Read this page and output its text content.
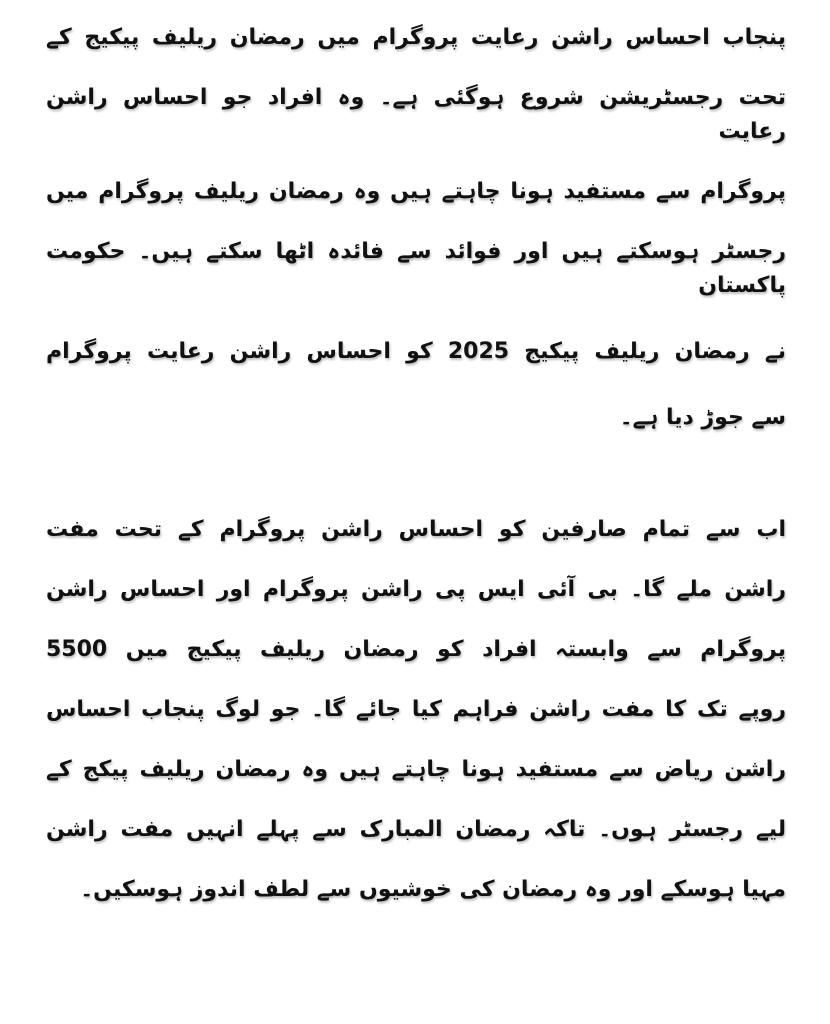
پنجاب احساس راشن رعایت پروگرام میں رمضان ریلیف پیکیج کے
تحت رجسٹریشن شروع ہوگئی ہے۔ وہ افراد جو احساس راشن رعایت
پروگرام سے مستفید ہونا چاہتے ہیں وہ رمضان ریلیف پروگرام میں
رجسٹر ہوسکتے ہیں اور فوائد سے فائدہ اٹھا سکتے ہیں۔ حکومت پاکستان
نے رمضان ریلیف پیکیج 2025 کو احساس راشن رعایت پروگرام
سے جوڑ دیا ہے۔
اب سے تمام صارفین کو احساس راشن پروگرام کے تحت مفت
راشن ملے گا۔ بی آئی ایس پی راشن پروگرام اور احساس راشن
پروگرام سے وابستہ افراد کو رمضان ریلیف پیکیج میں 5500
روپے تک کا مفت راشن فراہم کیا جائے گا۔ جو لوگ پنجاب احساس
راشن ریاض سے مستفید ہونا چاہتے ہیں وہ رمضان ریلیف پیکج کے
لیے رجسٹر ہوں۔ تاکہ رمضان المبارک سے پہلے انہیں مفت راشن
مہیا ہوسکے اور وہ رمضان کی خوشیوں سے لطف اندوز ہوسکیں۔
